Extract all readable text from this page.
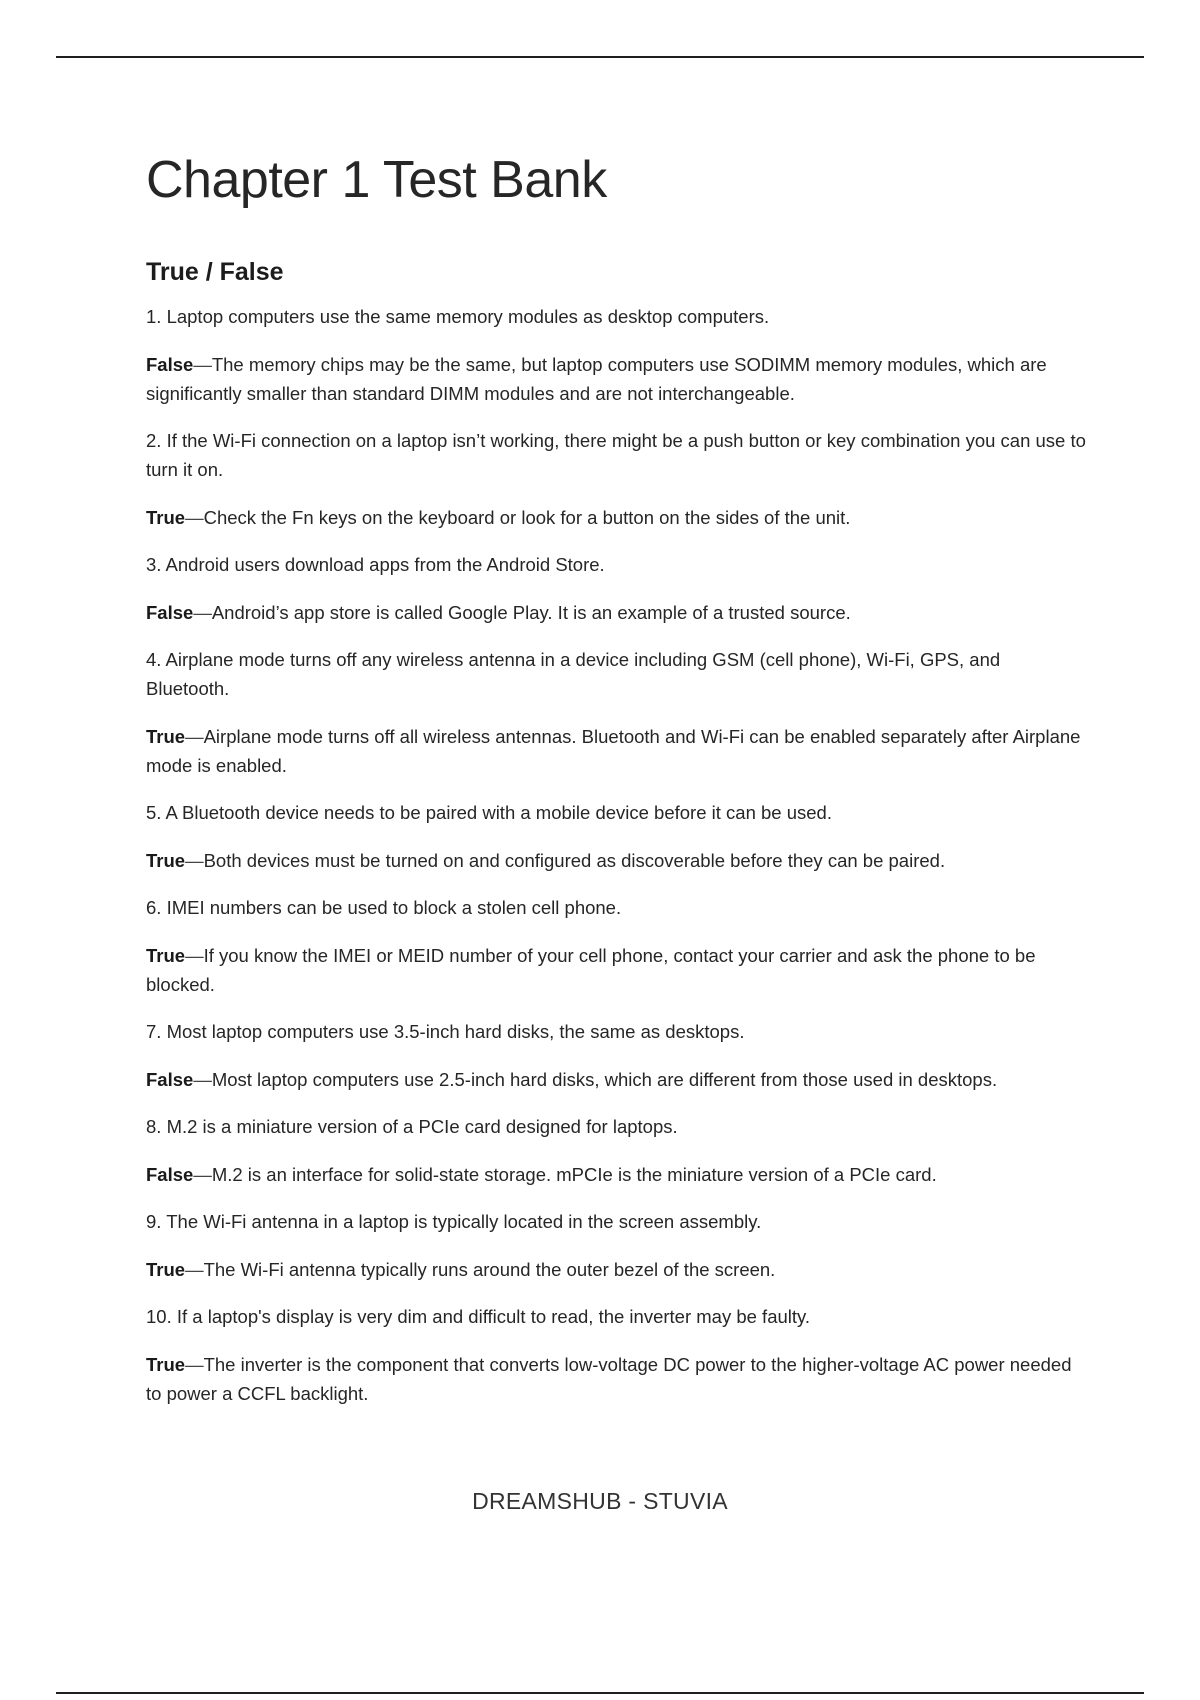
Chapter 1 Test Bank
True / False

1. Laptop computers use the same memory modules as desktop computers.

False—The memory chips may be the same, but laptop computers use SODIMM memory modules, which are significantly smaller than standard DIMM modules and are not interchangeable.

2. If the Wi-Fi connection on a laptop isn’t working, there might be a push button or key combination you can use to turn it on.

True—Check the Fn keys on the keyboard or look for a button on the sides of the unit.

3. Android users download apps from the Android Store.

False—Android’s app store is called Google Play. It is an example of a trusted source.

4. Airplane mode turns off any wireless antenna in a device including GSM (cell phone), Wi-Fi, GPS, and Bluetooth.

True—Airplane mode turns off all wireless antennas. Bluetooth and Wi-Fi can be enabled separately after Airplane mode is enabled.

5. A Bluetooth device needs to be paired with a mobile device before it can be used.

True—Both devices must be turned on and configured as discoverable before they can be paired.

6. IMEI numbers can be used to block a stolen cell phone.

True—If you know the IMEI or MEID number of your cell phone, contact your carrier and ask the phone to be blocked.

7. Most laptop computers use 3.5-inch hard disks, the same as desktops.

False—Most laptop computers use 2.5-inch hard disks, which are different from those used in desktops.

8. M.2 is a miniature version of a PCIe card designed for laptops.

False—M.2 is an interface for solid-state storage. mPCIe is the miniature version of a PCIe card.

9. The Wi-Fi antenna in a laptop is typically located in the screen assembly.

True—The Wi-Fi antenna typically runs around the outer bezel of the screen.

10. If a laptop's display is very dim and difficult to read, the inverter may be faulty.

True—The inverter is the component that converts low-voltage DC power to the higher-voltage AC power needed to power a CCFL backlight.

DREAMSHUB - STUVIA
